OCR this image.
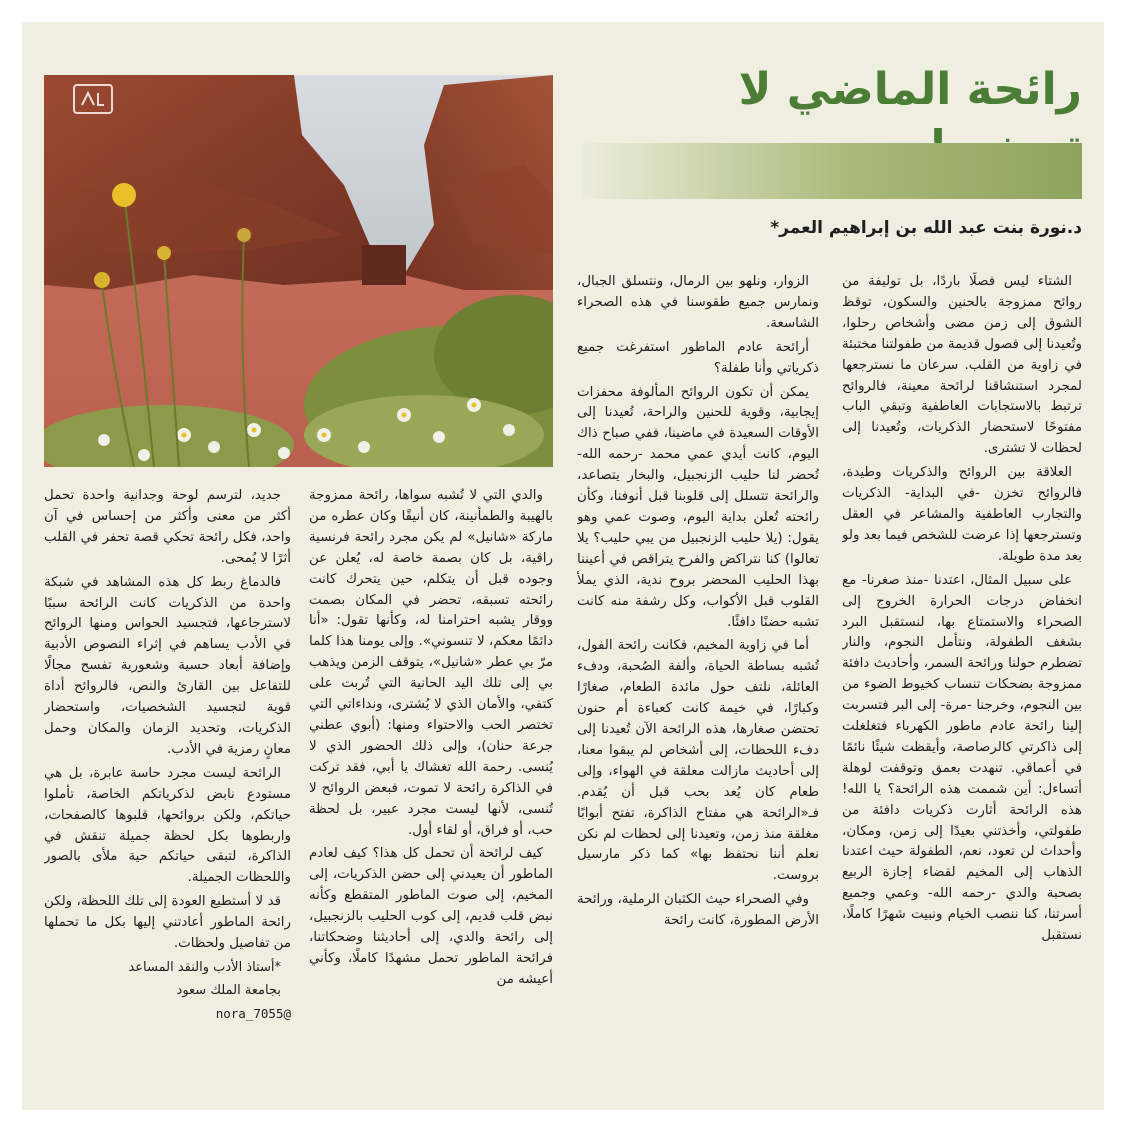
رائحة الماضي لا
د.نورة بنت عبد الله بن إبراهيم العمر*

الشتاء ليس فصلًا باردًا، بل توليفة من روائح ممزوجة بالحنين والسكون، توقظ الشوق إلى زمن مضى وأشخاص رحلوا، وتُعيدنا إلى فصول قديمة من طفولتنا مختبئة في زاوية من القلب. سرعان ما نسترجعها لمجرد استنشاقنا لرائحة معينة، فالروائح ترتبط بالاستجابات العاطفية وتبقي الباب مفتوحًا لاستحضار الذكريات، وتُعيدنا إلى لحظات لا تشترى.

العلاقة بين الروائح والذكريات وطيدة، فالروائح تخزن -في البداية- الذكريات والتجارب العاطفية والمشاعر في العقل وتسترجعها إذا عرضت للشخص فيما بعد ولو بعد مدة طويلة.

على سبيل المثال، اعتدنا -منذ صغرنا- مع انخفاض درجات الحرارة الخروج إلى الصحراء والاستمتاع بها، لنستقبل البرد بشغف الطفولة، ونتأمل النجوم، والنار تضطرم حولنا ورائحة السمر، وأحاديث دافئة ممزوجة بضحكات تنساب كخيوط الضوء من بين النجوم، وخرجنا -مرة- إلى البر فتسربت إلينا رائحة عادم ماطور الكهرباء فتغلغلت إلى ذاكرتي كالرصاصة، وأيقظت شيئًا نائمًا في أعماقي. تنهدت بعمق وتوقفت لوهلة أتساءل: أين شممت هذه الرائحة؟ يا الله! هذه الرائحة أثارت ذكريات دافئة من طفولتي، وأخذتني بعيدًا إلى زمن، ومكان، وأحداث لن تعود، نعم، الطفولة حيث اعتدنا الذهاب إلى المخيم لقضاء إجازة الربيع بصحبة والدي -رحمه الله- وعمي وجميع أسرتنا، كنا ننصب الخيام ونبيت شهرًا كاملًا، نستقبل

الزوار، ونلهو بين الرمال، ونتسلق الجبال، ونمارس جميع طقوسنا في هذه الصحراء الشاسعة.

أرائحة عادم الماطور استفرغت جميع ذكرياتي وأنا طفلة؟

يمكن أن تكون الروائح المألوفة محفزات إيجابية، وقوية للحنين والراحة، تُعيدنا إلى الأوقات السعيدة في ماضينا، ففي صباح ذاك اليوم، كانت أيدي عمي محمد -رحمه الله- تُحضر لنا حليب الزنجبيل، والبخار يتصاعد، والرائحة تتسلل إلى قلوبنا قبل أنوفنا، وكأن رائحته تُعلن بداية اليوم، وصوت عمي وهو يقول: (يلا حليب الزنجبيل من يبي حليب؟ يلا تعالوا) كنا نتراكض والفرح يتراقص في أعيننا بهذا الحليب المحضر بروح ندية، الذي يملأ القلوب قبل الأكواب، وكل رشفة منه كانت تشبه حضنًا دافئًا.

أما في زاوية المخيم، فكانت رائحة الفول، تُشبه بساطة الحياة، وألفة الصُحبة، ودفء العائلة، نلتف حول مائدة الطعام، صغارًا وكبارًا، في خيمة كانت كعباءة أم حنون تحتضن صغارها، هذه الرائحة الآن تُعيدنا إلى دفء اللحظات، إلى أشخاص لم يبقوا معنا، إلى أحاديث مازالت معلقة في الهواء، وإلى طعام كان يُعد بحب قبل أن يُقدم. فـ«الرائحة هي مفتاح الذاكرة، تفتح أبوابًا مغلقة منذ زمن، وتعيدنا إلى لحظات لم نكن نعلم أننا نحتفظ بها» كما ذكر مارسيل بروست.

وفي الصحراء حيث الكثبان الرملية، ورائحة الأرض المطورة، كانت رائحة

والدي التي لا تُشبه سواها، رائحة ممزوجة بالهيبة والطمأنينة، كان أنيقًا وكان عطره من ماركة «شانيل» لم يكن مجرد رائحة فرنسية راقية، بل كان بصمة خاصة له، يُعلن عن وجوده قبل أن يتكلم، حين يتحرك كانت رائحته تسبقه، تحضر في المكان بصمت ووقار يشبه احترامنا له، وكأنها تقول: «أنا دائمًا معكم، لا تنسوني». وإلى يومنا هذا كلما مرّ بي عطر «شانيل»، يتوقف الزمن ويذهب بي إلى تلك اليد الحانية التي تُربت على كتفي، والأمان الذي لا يُشترى، ونداءاتي التي تختصر الحب والاحتواء ومنها: (أبوي عطني جرعة حنان)، وإلى ذلك الحضور الذي لا يُنسى. رحمة الله تغشاك يا أبي، فقد تركت في الذاكرة رائحة لا تموت، فبعض الروائح لا تُنسى، لأنها ليست مجرد عبير، بل لحظة حب، أو فراق، أو لقاء أول.

كيف لرائحة أن تحمل كل هذا؟ كيف لعادم الماطور أن يعيدني إلى حضن الذكريات، إلى المخيم، إلى صوت الماطور المتقطع وكأنه نبض قلب قديم، إلى كوب الحليب بالزنجبيل، إلى رائحة والدي، إلى أحاديثنا وضحكاتنا، فرائحة الماطور تحمل مشهدًا كاملًا، وكأني أعيشه من

جديد، لترسم لوحة وجدانية واحدة تحمل أكثر من معنى وأكثر من إحساس في آن واحد، فكل رائحة تحكي قصة تحفر في القلب أثرًا لا يُمحى.

فالدماغ ربط كل هذه المشاهد في شبكة واحدة من الذكريات كانت الرائحة سببًا لاسترجاعها، فتجسيد الحواس ومنها الروائح في الأدب يساهم في إثراء النصوص الأدبية وإضافة أبعاد حسية وشعورية تفسح مجالًا للتفاعل بين القارئ والنص، فالروائح أداة قوية لتجسيد الشخصيات، واستحضار الذكريات، وتحديد الزمان والمكان وحمل معانٍ رمزية في الأدب.

الرائحة ليست مجرد حاسة عابرة، بل هي مستودع نابض لذكرياتكم الخاصة، تأملوا حياتكم، ولكن بروائحها، قلبوها كالصفحات، واربطوها بكل لحظة جميلة تنقش في الذاكرة، لتبقى حياتكم حية ملأى بالصور واللحظات الجميلة.

قد لا أستطيع العودة إلى تلك اللحظة، ولكن رائحة الماطور أعادتني إليها بكل ما تحملها من تفاصيل ولحظات.

*أستاذ الأدب والنقد المساعد

بجامعة الملك سعود

nora_7055@
